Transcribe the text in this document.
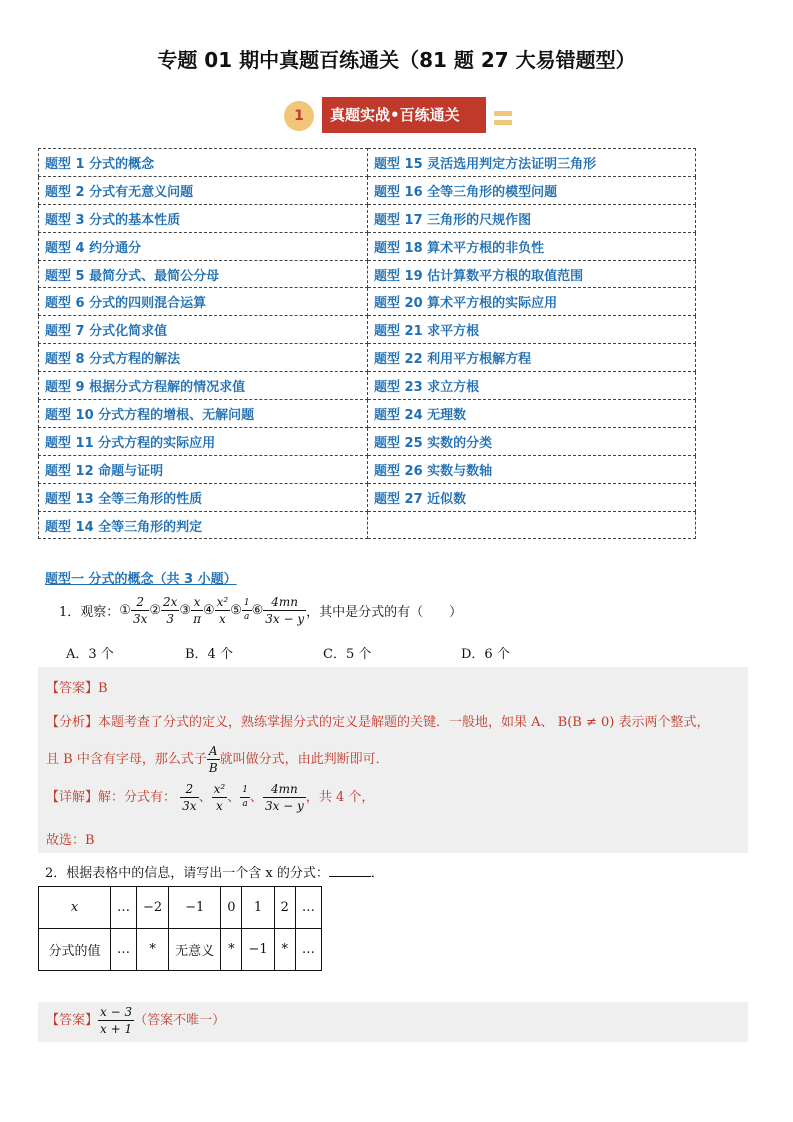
专题 01 期中真题百练通关（81 题 27 大易错题型）
1	真题实战•百练通关
题型 1 分式的概念	题型 15 灵活选用判定方法证明三角形
题型 2 分式有无意义问题	题型 16 全等三角形的模型问题
题型 3 分式的基本性质	题型 17 三角形的尺规作图
题型 4 约分通分	题型 18 算术平方根的非负性
题型 5 最简分式、最简公分母	题型 19 估计算数平方根的取值范围
题型 6 分式的四则混合运算	题型 20 算术平方根的实际应用
题型 7 分式化简求值	题型 21 求平方根
题型 8 分式方程的解法	题型 22 利用平方根解方程
题型 9 根据分式方程解的情况求值	题型 23 求立方根
题型 10 分式方程的增根、无解问题	题型 24 无理数
题型 11 分式方程的实际应用	题型 25 实数的分类
题型 12 命题与证明	题型 26 实数与数轴
题型 13 全等三角形的性质	题型 27 近似数
题型 14 全等三角形的判定	
题型一 分式的概念（共 3 小题）
1．观察：① $\frac{2}{3x}$ ② $\frac{2x}{3}$ ③ $\frac{x}{\pi}$ ④ $\frac{\text{x²}}{x}$ ⑤ $\frac{1}{a}$ ⑥ $\frac{4mn}{3x - y}$ ，其中是分式的有（　　）
A．3 个	B．4 个	C．5 个	D．6 个
【答案】B
【分析】本题考查了分式的定义，熟练掌握分式的定义是解题的关键．一般地，如果 A、 B(B ≠ 0) 表示两个整式，
且 B 中含有字母，那么式子 $\frac{A}{B}$ 就叫做分式，由此判断即可．
【详解】解：分式有： $\frac{2}{3x}$ 、 $\frac{\text{x²}}{x}$ 、 $\frac{1}{a}$ 、 $\frac{4mn}{3x - y}$ ，共 4 个，
故选：B
2．根据表格中的信息，请写出一个含 x 的分式：	．
x	…	−2	−1	0	1	2	…
分式的值	…	*	无意义	*	−1	*	…
【答案】 $\frac{x - 3}{x + 1}$ （答案不唯一）
